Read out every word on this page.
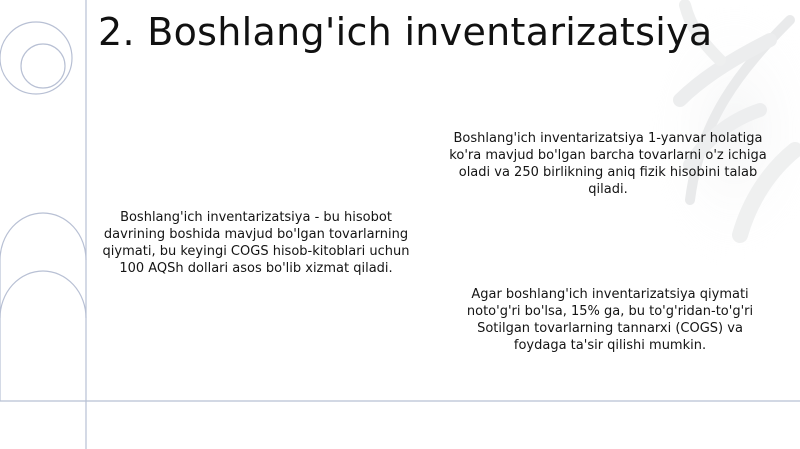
2. Boshlang'ich inventarizatsiya
Boshlang'ich inventarizatsiya 1-yanvar holatiga ko'ra mavjud bo'lgan barcha tovarlarni o'z ichiga oladi va 250 birlikning aniq fizik hisobini talab qiladi.
Boshlang'ich inventarizatsiya - bu hisobot davrining boshida mavjud bo'lgan tovarlarning qiymati, bu keyingi COGS hisob-kitoblari uchun 100 AQSh dollari asos bo'lib xizmat qiladi.
Agar boshlang'ich inventarizatsiya qiymati noto'g'ri bo'lsa, 15% ga, bu to'g'ridan-to'g'ri Sotilgan tovarlarning tannarxi (COGS) va foydaga ta'sir qilishi mumkin.
